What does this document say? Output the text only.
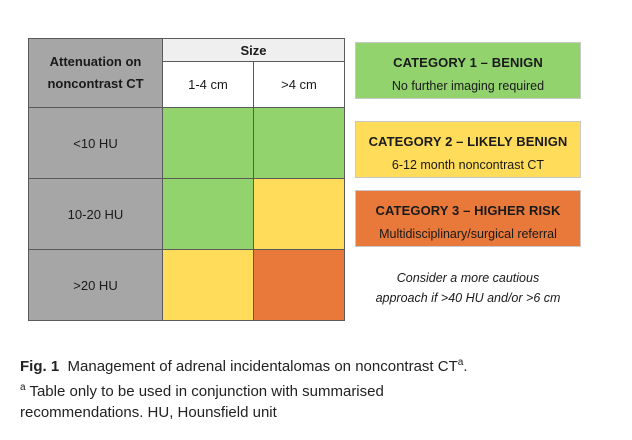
Attenuation on
noncontrast CT	Size	
	1-4 cm	>4 cm
<10 HU		
10-20 HU		
>20 HU		
CATEGORY 1 – BENIGN
No further imaging required
CATEGORY 2 – LIKELY BENIGN
6-12 month noncontrast CT
CATEGORY 3 – HIGHER RISK
Multidisciplinary/surgical referral
Consider a more cautious
approach if >40 HU and/or >6 cm
Fig. 1 Management of adrenal incidentalomas on noncontrast $CT^a$.
$^a$ Table only to be used in conjunction with summarised
recommendations. HU, Hounsfield unit
